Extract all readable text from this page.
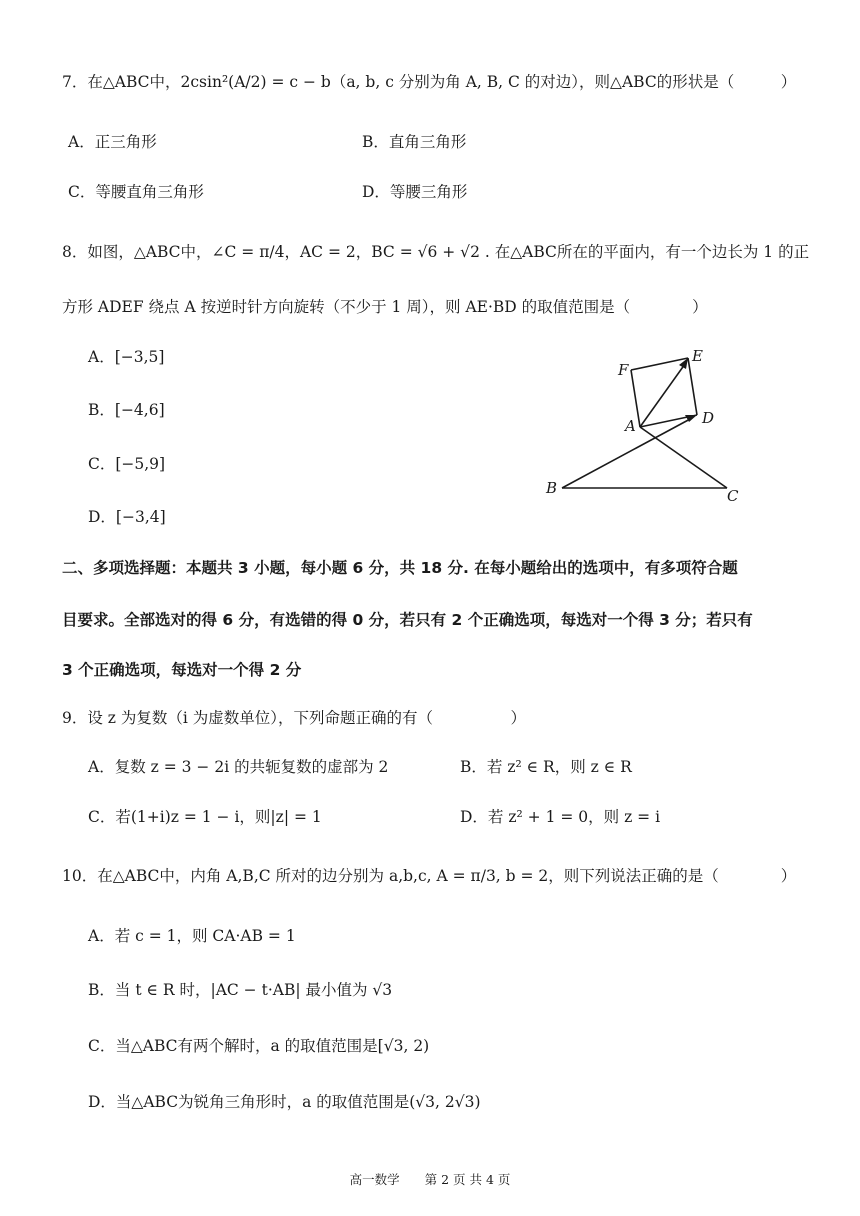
7．在△ABC中，2csin²(A/2) = c − b（a, b, c 分别为角 A, B, C 的对边），则△ABC的形状是（　　　）
A．正三角形	B．直角三角形
C．等腰直角三角形	D．等腰三角形
8．如图，△ABC中，∠C = π/4，AC = 2，BC = √6 + √2 . 在△ABC所在的平面内，有一个边长为 1 的正
方形 ADEF 绕点 A 按逆时针方向旋转（不少于 1 周），则 AE·BD 的取值范围是（　　　　）
A．[−3,5]
B．[−4,6]
C．[−5,9]
D．[−3,4]
A
B	C
D
E
F
二、多项选择题：本题共 3 小题，每小题 6 分，共 18 分. 在每小题给出的选项中，有多项符合题
目要求。全部选对的得 6 分，有选错的得 0 分，若只有 2 个正确选项，每选对一个得 3 分；若只有
3 个正确选项，每选对一个得 2 分
9．设 z 为复数（i 为虚数单位），下列命题正确的有（　　　　　）
A．复数 z = 3 − 2i 的共轭复数的虚部为 2	B．若 z² ∈ R，则 z ∈ R
C．若(1+i)z = 1 − i，则|z| = 1	D．若 z² + 1 = 0，则 z = i
10．在△ABC中，内角 A,B,C 所对的边分别为 a,b,c, A = π/3, b = 2，则下列说法正确的是（　　　　）
A．若 c = 1，则 CA·AB = 1
B．当 t ∈ R 时，|AC − t·AB| 最小值为 √3
C．当△ABC有两个解时，a 的取值范围是[√3, 2)
D．当△ABC为锐角三角形时，a 的取值范围是(√3, 2√3)
高一数学　　第 2 页 共 4 页
